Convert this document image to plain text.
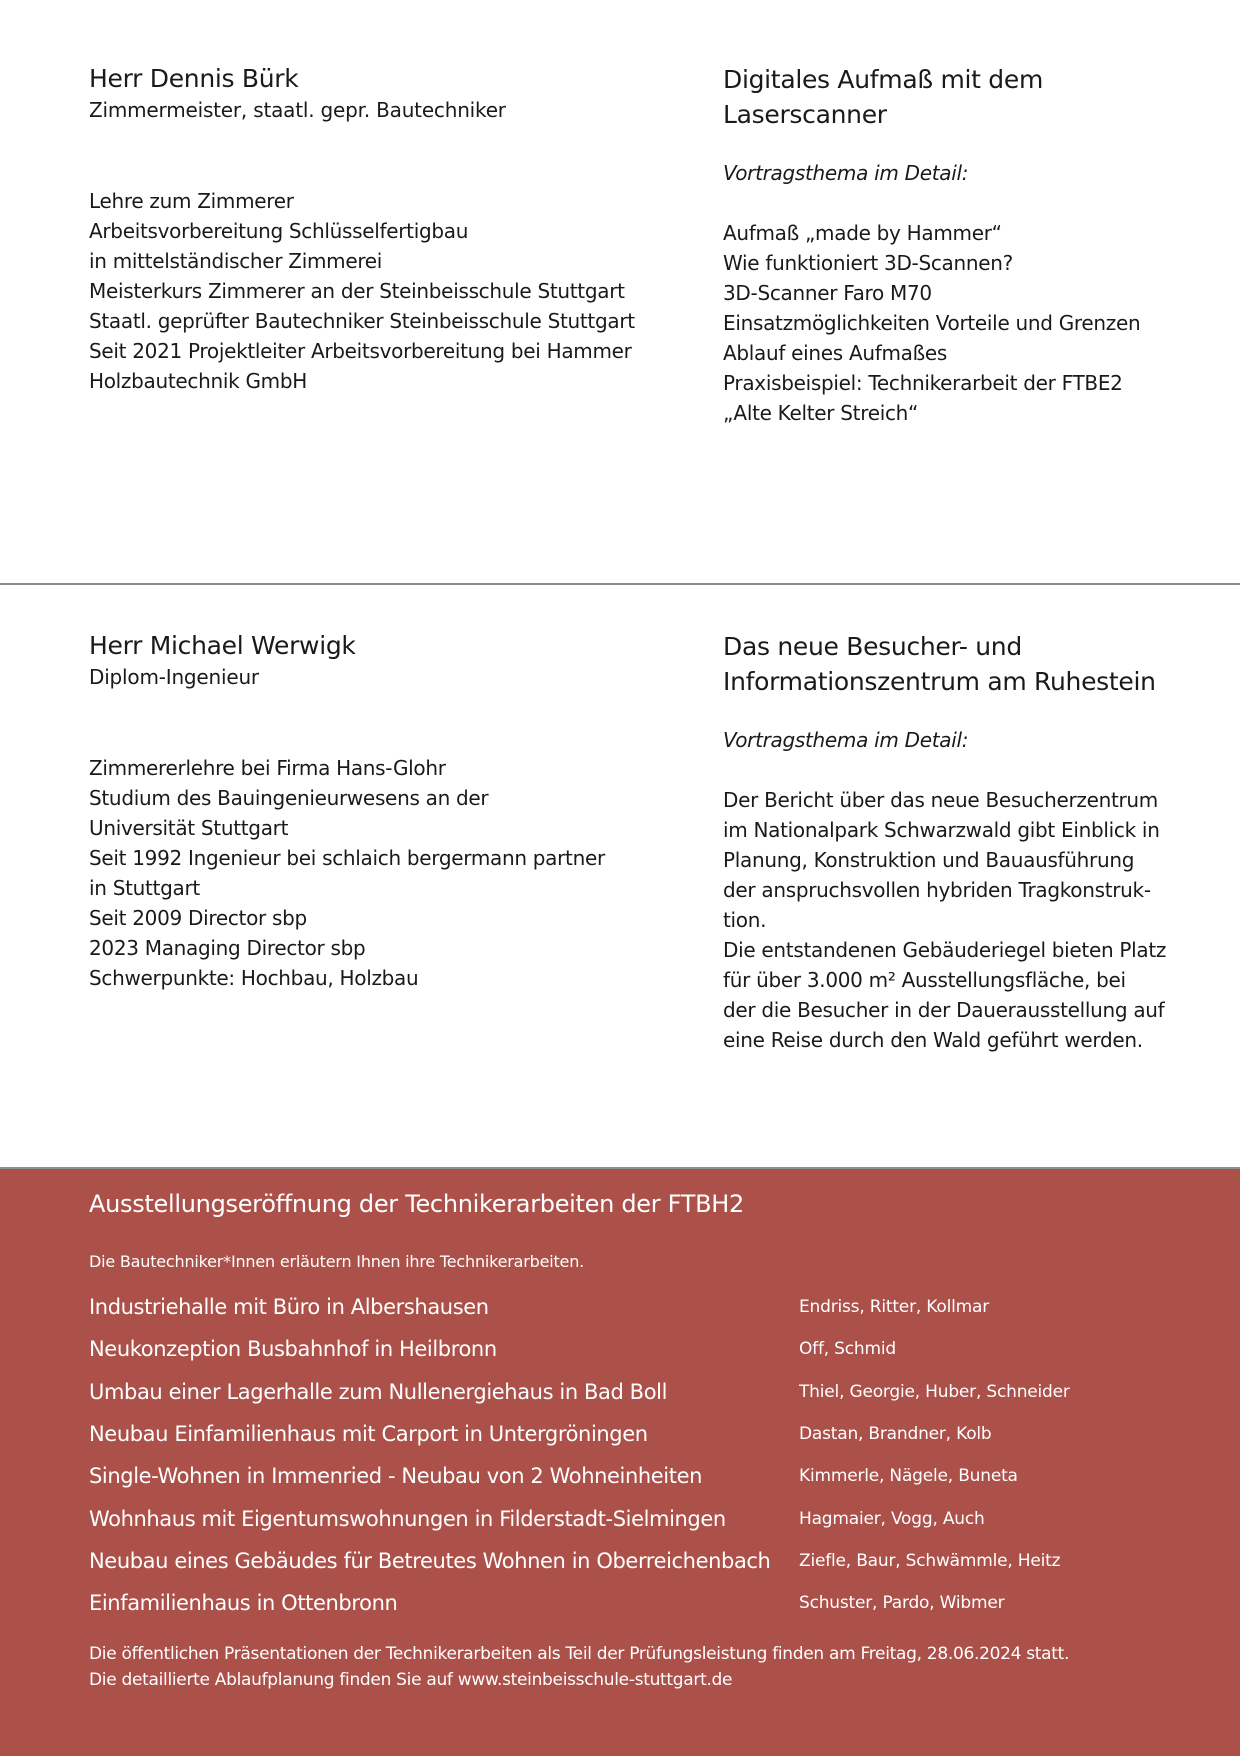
Herr Dennis Bürk

Zimmermeister, staatl. gepr. Bautechniker

Lehre zum Zimmerer
Arbeitsvorbereitung Schlüsselfertigbau
in mittelständischer Zimmerei
Meisterkurs Zimmerer an der Steinbeisschule Stuttgart
Staatl. geprüfter Bautechniker Steinbeisschule Stuttgart
Seit 2021 Projektleiter Arbeitsvorbereitung bei Hammer
Holzbautechnik GmbH

Digitales Aufmaß mit dem
Laserscanner

Vortragsthema im Detail:
Aufmaß „made by Hammer“
Wie funktioniert 3D-Scannen?
3D-Scanner Faro M70
Einsatzmöglichkeiten Vorteile und Grenzen
Ablauf eines Aufmaßes
Praxisbeispiel: Technikerarbeit der FTBE2
„Alte Kelter Streich“

Herr Michael Werwigk

Diplom-Ingenieur

Zimmererlehre bei Firma Hans-Glohr
Studium des Bauingenieurwesens an der
Universität Stuttgart
Seit 1992 Ingenieur bei schlaich bergermann partner
in Stuttgart
Seit 2009 Director sbp
2023 Managing Director sbp
Schwerpunkte: Hochbau, Holzbau

Das neue Besucher- und
Informationszentrum am Ruhestein

Vortragsthema im Detail:
Der Bericht über das neue Besucherzentrum
im Nationalpark Schwarzwald gibt Einblick in
Planung, Konstruktion und Bauausführung
der anspruchsvollen hybriden Tragkonstruk-
tion.
Die entstandenen Gebäuderiegel bieten Platz
für über 3.000 m² Ausstellungsfläche, bei
der die Besucher in der Dauerausstellung auf
eine Reise durch den Wald geführt werden.
Ausstellungseröffnung der Technikerarbeiten der FTBH2
Die Bautechniker*Innen erläutern Ihnen ihre Technikerarbeiten.
Industriehalle mit Büro in Albershausen	Endriss, Ritter, Kollmar
Neukonzeption Busbahnhof in Heilbronn	Off, Schmid
Umbau einer Lagerhalle zum Nullenergiehaus in Bad Boll	Thiel, Georgie, Huber, Schneider
Neubau Einfamilienhaus mit Carport in Untergröningen	Dastan, Brandner, Kolb
Single-Wohnen in Immenried - Neubau von 2 Wohneinheiten	Kimmerle, Nägele, Buneta
Wohnhaus mit Eigentumswohnungen in Filderstadt-Sielmingen	Hagmaier, Vogg, Auch
Neubau eines Gebäudes für Betreutes Wohnen in Oberreichenbach	Ziefle, Baur, Schwämmle, Heitz
Einfamilienhaus in Ottenbronn	Schuster, Pardo, Wibmer
Die öffentlichen Präsentationen der Technikerarbeiten als Teil der Prüfungsleistung finden am Freitag, 28.06.2024 statt.
Die detaillierte Ablaufplanung finden Sie auf www.steinbeisschule-stuttgart.de
